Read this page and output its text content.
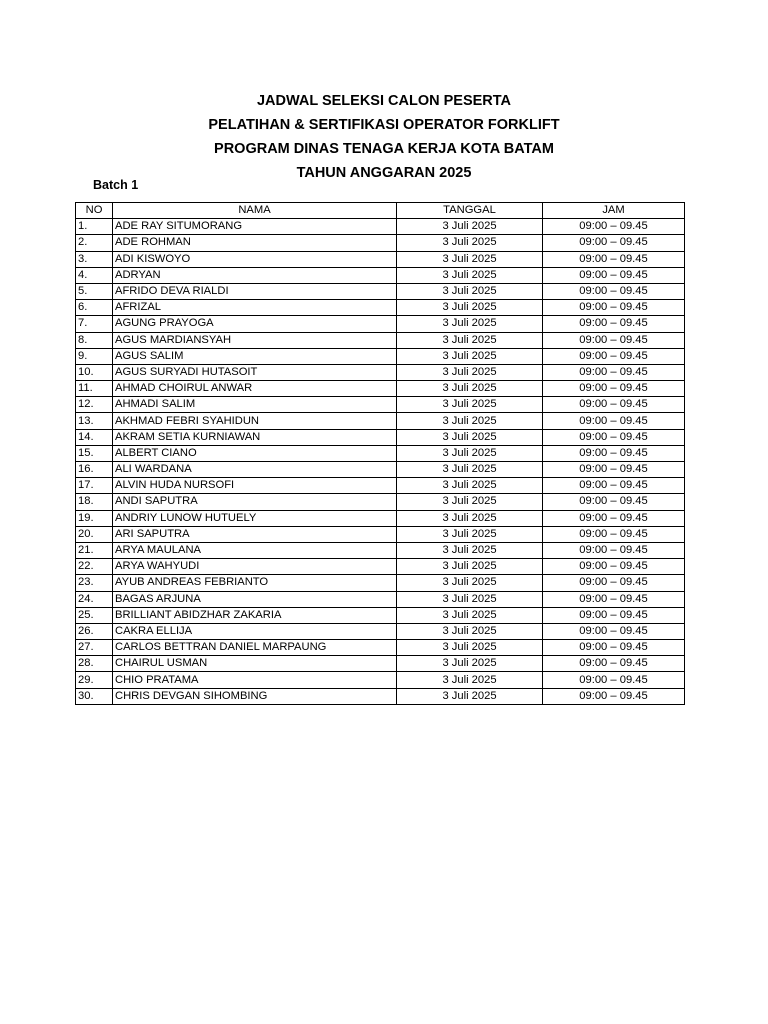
JADWAL SELEKSI CALON PESERTA

PELATIHAN & SERTIFIKASI OPERATOR FORKLIFT

PROGRAM DINAS TENAGA KERJA KOTA BATAM

TAHUN ANGGARAN 2025

Batch 1
NO	NAMA	TANGGAL	JAM
1.	ADE RAY SITUMORANG	3 Juli 2025	09:00 – 09.45
2.	ADE ROHMAN	3 Juli 2025	09:00 – 09.45
3.	ADI KISWOYO	3 Juli 2025	09:00 – 09.45
4.	ADRYAN	3 Juli 2025	09:00 – 09.45
5.	AFRIDO DEVA RIALDI	3 Juli 2025	09:00 – 09.45
6.	AFRIZAL	3 Juli 2025	09:00 – 09.45
7.	AGUNG PRAYOGA	3 Juli 2025	09:00 – 09.45
8.	AGUS MARDIANSYAH	3 Juli 2025	09:00 – 09.45
9.	AGUS SALIM	3 Juli 2025	09:00 – 09.45
10.	AGUS SURYADI HUTASOIT	3 Juli 2025	09:00 – 09.45
11.	AHMAD CHOIRUL ANWAR	3 Juli 2025	09:00 – 09.45
12.	AHMADI SALIM	3 Juli 2025	09:00 – 09.45
13.	AKHMAD FEBRI SYAHIDUN	3 Juli 2025	09:00 – 09.45
14.	AKRAM SETIA KURNIAWAN	3 Juli 2025	09:00 – 09.45
15.	ALBERT CIANO	3 Juli 2025	09:00 – 09.45
16.	ALI WARDANA	3 Juli 2025	09:00 – 09.45
17.	ALVIN HUDA NURSOFI	3 Juli 2025	09:00 – 09.45
18.	ANDI SAPUTRA	3 Juli 2025	09:00 – 09.45
19.	ANDRIY LUNOW HUTUELY	3 Juli 2025	09:00 – 09.45
20.	ARI SAPUTRA	3 Juli 2025	09:00 – 09.45
21.	ARYA MAULANA	3 Juli 2025	09:00 – 09.45
22.	ARYA WAHYUDI	3 Juli 2025	09:00 – 09.45
23.	AYUB ANDREAS FEBRIANTO	3 Juli 2025	09:00 – 09.45
24.	BAGAS ARJUNA	3 Juli 2025	09:00 – 09.45
25.	BRILLIANT ABIDZHAR ZAKARIA	3 Juli 2025	09:00 – 09.45
26.	CAKRA ELLIJA	3 Juli 2025	09:00 – 09.45
27.	CARLOS BETTRAN DANIEL MARPAUNG	3 Juli 2025	09:00 – 09.45
28.	CHAIRUL USMAN	3 Juli 2025	09:00 – 09.45
29.	CHIO PRATAMA	3 Juli 2025	09:00 – 09.45
30.	CHRIS DEVGAN SIHOMBING	3 Juli 2025	09:00 – 09.45
